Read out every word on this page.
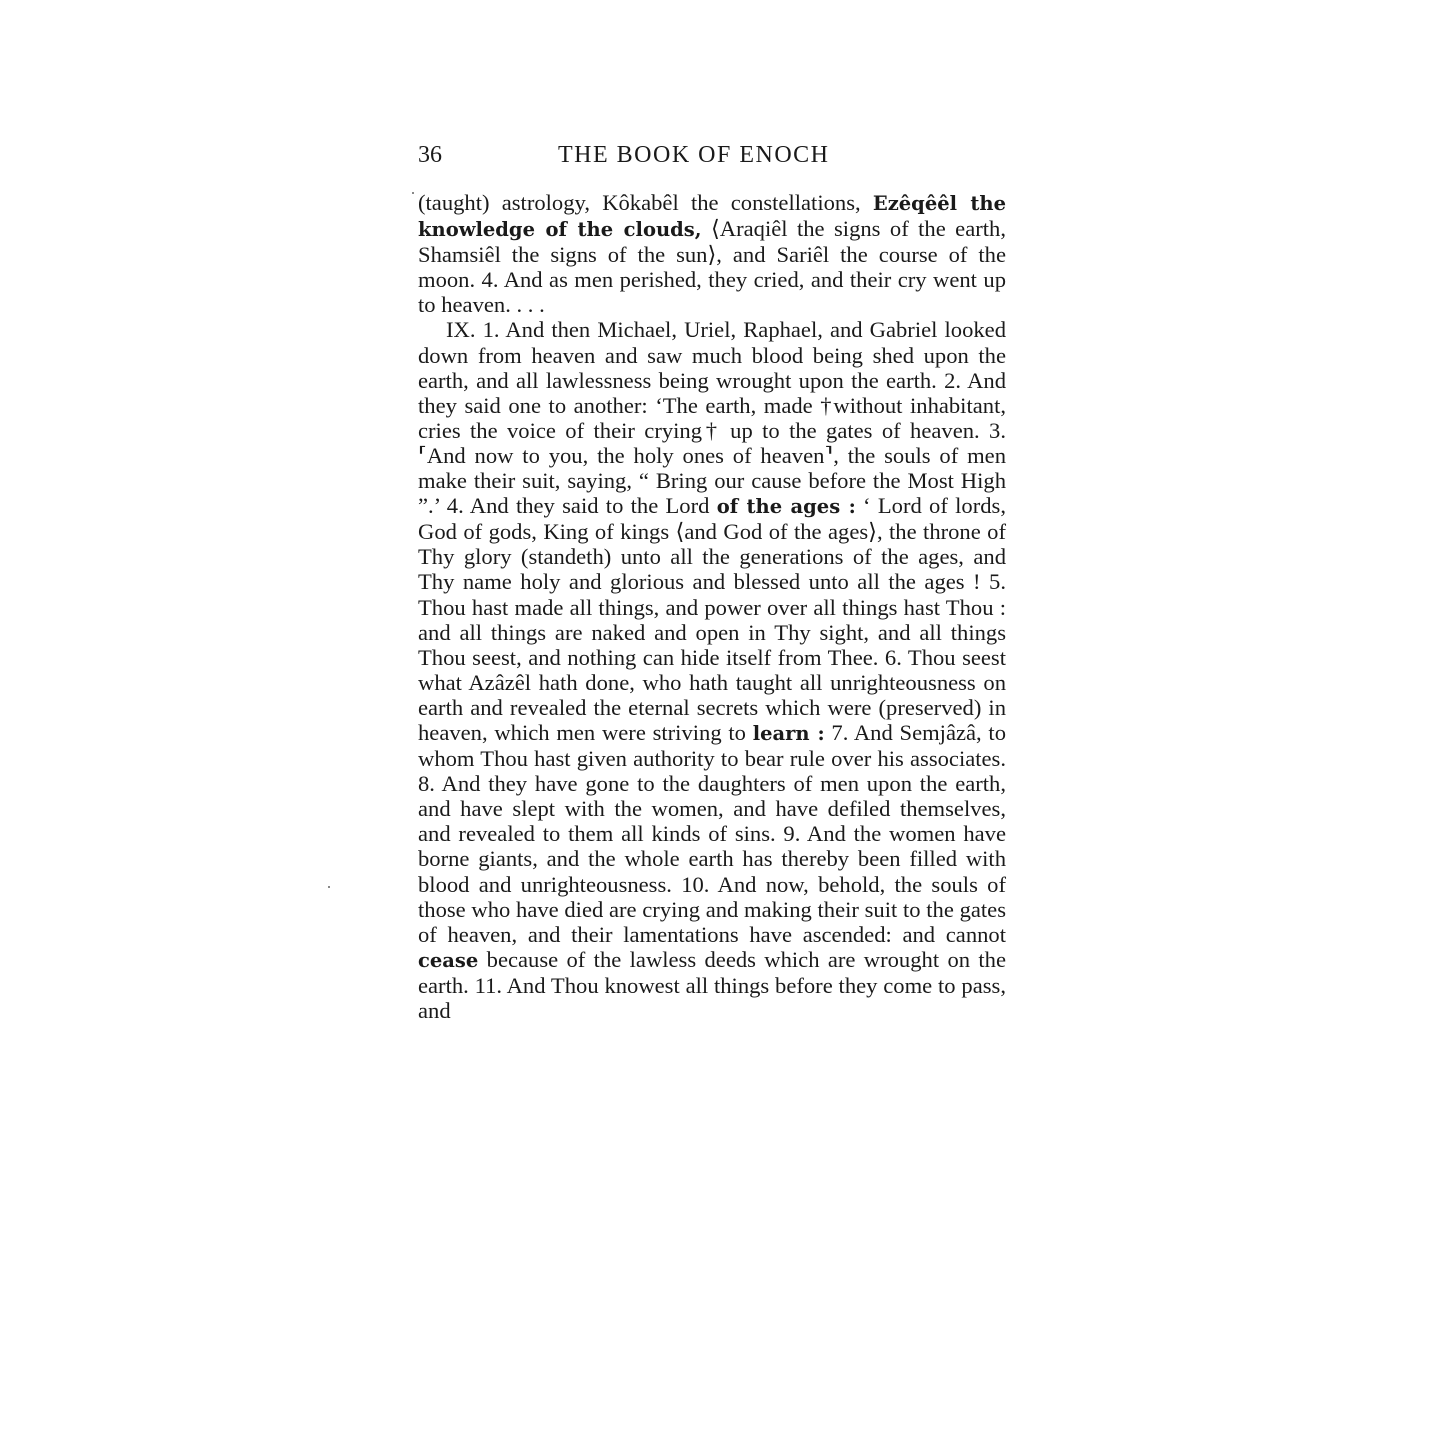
36	THE BOOK OF ENOCH

(taught) astrology, Kôkabêl the constellations, Ezêqêêl the knowledge of the clouds, ⟨Araqiêl the signs of the earth, Shamsiêl the signs of the sun⟩, and Sariêl the course of the moon. 4. And as men perished, they cried, and their cry went up to heaven. . . .

IX. 1. And then Michael, Uriel, Raphael, and Gabriel looked down from heaven and saw much blood being shed upon the earth, and all lawlessness being wrought upon the earth. 2. And they said one to another: ‘The earth, made †without inhabitant, cries the voice of their crying† up to the gates of heaven. 3. ⸢And now to you, the holy ones of heaven⸣, the souls of men make their suit, saying, “ Bring our cause before the Most High ”.’ 4. And they said to the Lord of the ages : ‘ Lord of lords, God of gods, King of kings ⟨and God of the ages⟩, the throne of Thy glory (standeth) unto all the generations of the ages, and Thy name holy and glorious and blessed unto all the ages ! 5. Thou hast made all things, and power over all things hast Thou : and all things are naked and open in Thy sight, and all things Thou seest, and nothing can hide itself from Thee. 6. Thou seest what Azâzêl hath done, who hath taught all unrighteousness on earth and revealed the eternal secrets which were (preserved) in heaven, which men were striving to learn : 7. And Semjâzâ, to whom Thou hast given authority to bear rule over his associates. 8. And they have gone to the daughters of men upon the earth, and have slept with the women, and have defiled themselves, and revealed to them all kinds of sins. 9. And the women have borne giants, and the whole earth has thereby been filled with blood and unrighteousness. 10. And now, behold, the souls of those who have died are crying and making their suit to the gates of heaven, and their lamentations have ascended: and cannot cease because of the lawless deeds which are wrought on the earth. 11. And Thou knowest all things before they come to pass, and
